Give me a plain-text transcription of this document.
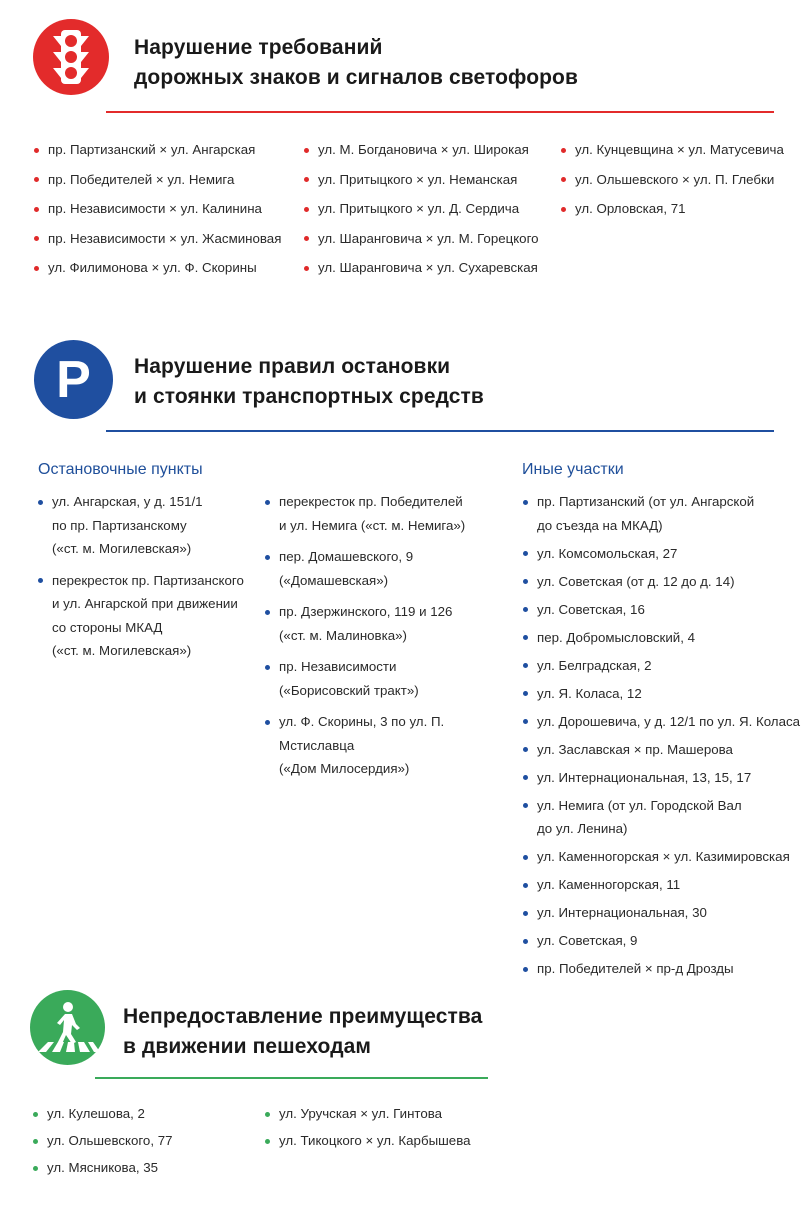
Нарушение требований
дорожных знаков и сигналов светофоров
пр. Партизанский × ул. Ангарская
пр. Победителей × ул. Немига
пр. Независимости × ул. Калинина
пр. Независимости × ул. Жасминовая
ул. Филимонова × ул. Ф. Скорины
ул. М. Богдановича × ул. Широкая
ул. Притыцкого × ул. Неманская
ул. Притыцкого × ул. Д. Сердича
ул. Шаранговича × ул. М. Горецкого
ул. Шаранговича × ул. Сухаревская
ул. Кунцевщина × ул. Матусевича
ул. Ольшевского × ул. П. Глебки
ул. Орловская, 71
P Нарушение правил остановки
и стоянки транспортных средств
Остановочные пункты	Иные участки
ул. Ангарская, у д. 151/1
по пр. Партизанскому
(«ст. м. Могилевская»)
перекресток пр. Партизанского
и ул. Ангарской при движении
со стороны МКАД
(«ст. м. Могилевская»)
перекресток пр. Победителей
и ул. Немига («ст. м. Немига»)
пер. Домашевского, 9
(«Домашевская»)
пр. Дзержинского, 119 и 126
(«ст. м. Малиновка»)
пр. Независимости
(«Борисовский тракт»)
ул. Ф. Скорины, 3 по ул. П. Мстиславца
(«Дом Милосердия»)
пр. Партизанский (от ул. Ангарской
до съезда на МКАД)
ул. Комсомольская, 27
ул. Советская (от д. 12 до д. 14)
ул. Советская, 16
пер. Добромысловский, 4
ул. Белградская, 2
ул. Я. Коласа, 12
ул. Дорошевича, у д. 12/1 по ул. Я. Коласа
ул. Заславская × пр. Машерова
ул. Интернациональная, 13, 15, 17
ул. Немига (от ул. Городской Вал
до ул. Ленина)
ул. Каменногорская × ул. Казимировская
ул. Каменногорская, 11
ул. Интернациональная, 30
ул. Советская, 9
пр. Победителей × пр-д Дрозды
Непредоставление преимущества
в движении пешеходам
ул. Кулешова, 2
ул. Ольшевского, 77
ул. Мясникова, 35
ул. Уручская × ул. Гинтова
ул. Тикоцкого × ул. Карбышева
